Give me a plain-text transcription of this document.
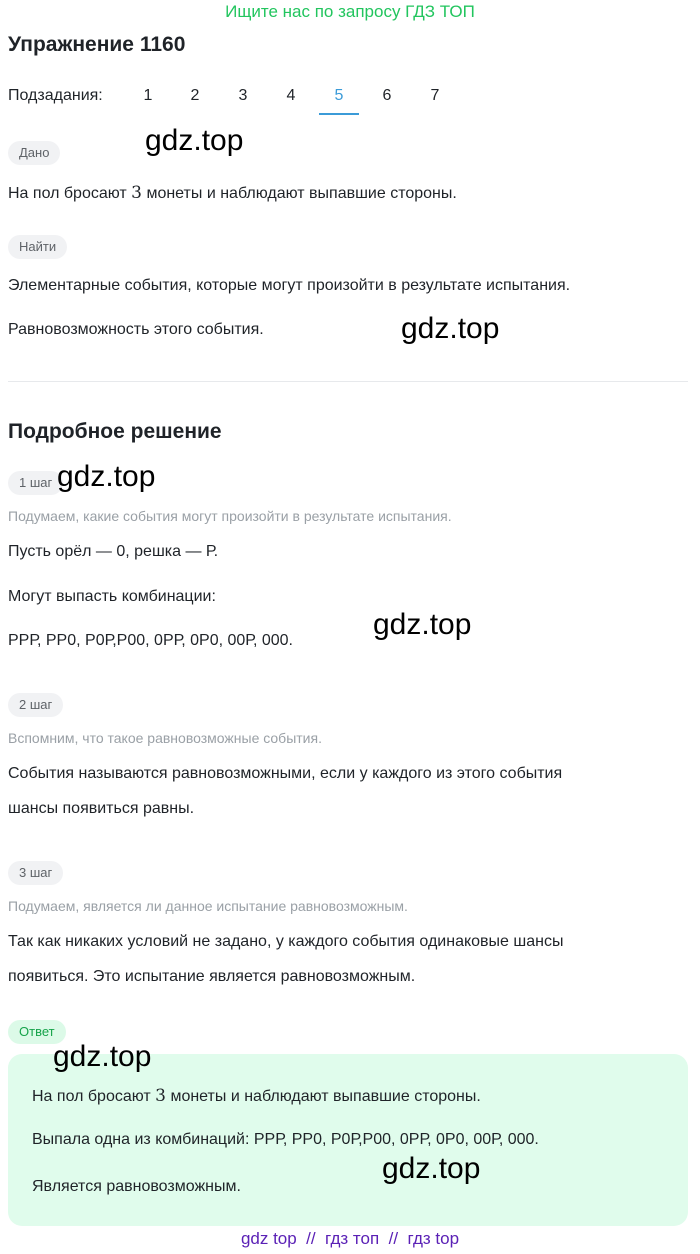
Ищите нас по запросу ГДЗ ТОП
Упражнение 1160
Подзадания:	1	2	3	4	5	6	7
Дано
На пол бросают 3 монеты и наблюдают выпавшие стороны.
Найти
Элементарные события, которые могут произойти в результате испытания.
Равновозможность этого события.
Подробное решение
1 шаг
Подумаем, какие события могут произойти в результате испытания.
Пусть орёл — 0, решка — Р.
Могут выпасть комбинации:
РРР, РР0, Р0Р,Р00, 0РР, 0Р0, 00Р, 000.
2 шаг
Вспомним, что такое равновозможные события.
События называются равновозможными, если у каждого из этого события
шансы появиться равны.
3 шаг
Подумаем, является ли данное испытание равновозможным.
Так как никаких условий не задано, у каждого события одинаковые шансы
появиться. Это испытание является равновозможным.
Ответ
На пол бросают 3 монеты и наблюдают выпавшие стороны.
Выпала одна из комбинаций: РРР, РР0, Р0Р,Р00, 0РР, 0Р0, 00Р, 000.
Является равновозможным.
gdz.top
gdz.top
gdz.top
gdz.top
gdz.top
gdz.top
gdz top  //  гдз топ  //  гдз top
